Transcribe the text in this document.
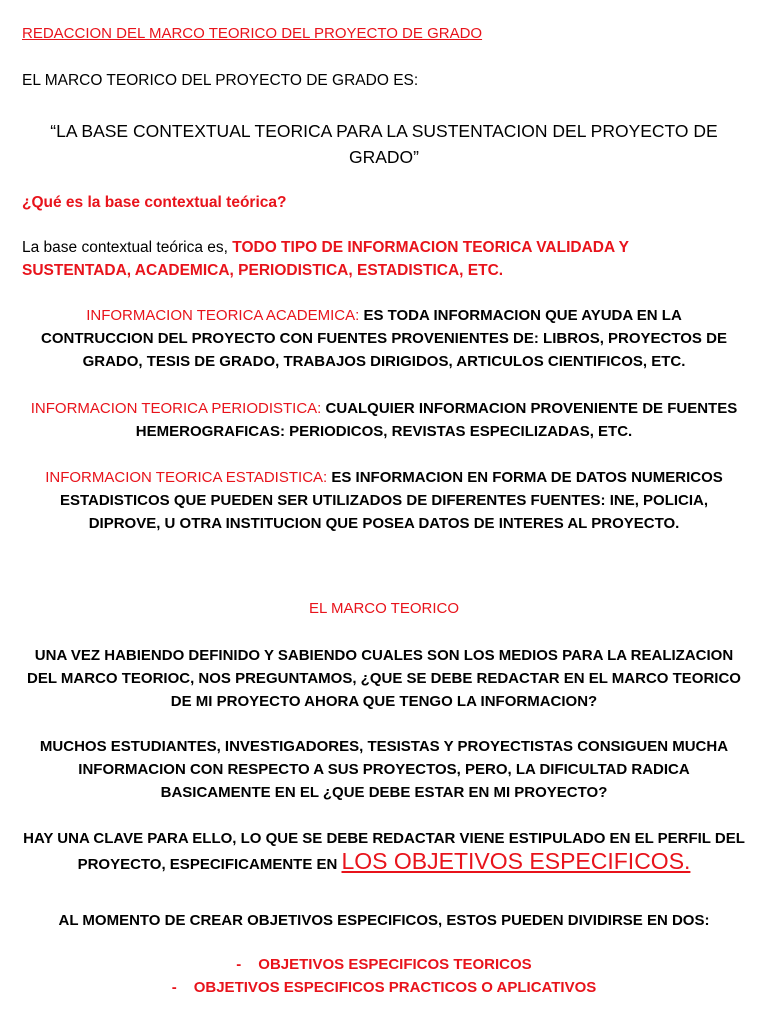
REDACCION DEL MARCO TEORICO DEL PROYECTO DE GRADO
EL MARCO TEORICO DEL PROYECTO DE GRADO ES:
“LA BASE CONTEXTUAL TEORICA PARA LA SUSTENTACION DEL PROYECTO DE GRADO”
¿Qué es la base contextual teórica?
La base contextual teórica es, TODO TIPO DE INFORMACION TEORICA VALIDADA Y SUSTENTADA, ACADEMICA, PERIODISTICA, ESTADISTICA, ETC.
INFORMACION TEORICA ACADEMICA: ES TODA INFORMACION QUE AYUDA EN LA CONTRUCCION DEL PROYECTO CON FUENTES PROVENIENTES DE: LIBROS, PROYECTOS DE GRADO, TESIS DE GRADO, TRABAJOS DIRIGIDOS, ARTICULOS CIENTIFICOS, ETC.
INFORMACION TEORICA PERIODISTICA: CUALQUIER INFORMACION PROVENIENTE DE FUENTES HEMEROGRAFICAS: PERIODICOS, REVISTAS ESPECILIZADAS, ETC.
INFORMACION TEORICA ESTADISTICA: ES INFORMACION EN FORMA DE DATOS NUMERICOS ESTADISTICOS QUE PUEDEN SER UTILIZADOS DE DIFERENTES FUENTES: INE, POLICIA, DIPROVE, U OTRA INSTITUCION QUE POSEA DATOS DE INTERES AL PROYECTO.
EL MARCO TEORICO
UNA VEZ HABIENDO DEFINIDO Y SABIENDO CUALES SON LOS MEDIOS PARA LA REALIZACION DEL MARCO TEORIOC, NOS PREGUNTAMOS, ¿QUE SE DEBE REDACTAR EN EL MARCO TEORICO DE MI PROYECTO AHORA QUE TENGO LA INFORMACION?
MUCHOS ESTUDIANTES, INVESTIGADORES, TESISTAS Y PROYECTISTAS CONSIGUEN MUCHA INFORMACION CON RESPECTO A SUS PROYECTOS, PERO, LA DIFICULTAD RADICA BASICAMENTE EN EL ¿QUE DEBE ESTAR EN MI PROYECTO?
HAY UNA CLAVE PARA ELLO, LO QUE SE DEBE REDACTAR VIENE ESTIPULADO EN EL PERFIL DEL PROYECTO, ESPECIFICAMENTE EN LOS OBJETIVOS ESPECIFICOS.
AL MOMENTO DE CREAR OBJETIVOS ESPECIFICOS, ESTOS PUEDEN DIVIDIRSE EN DOS:
- OBJETIVOS ESPECIFICOS TEORICOS
- OBJETIVOS ESPECIFICOS PRACTICOS O APLICATIVOS
